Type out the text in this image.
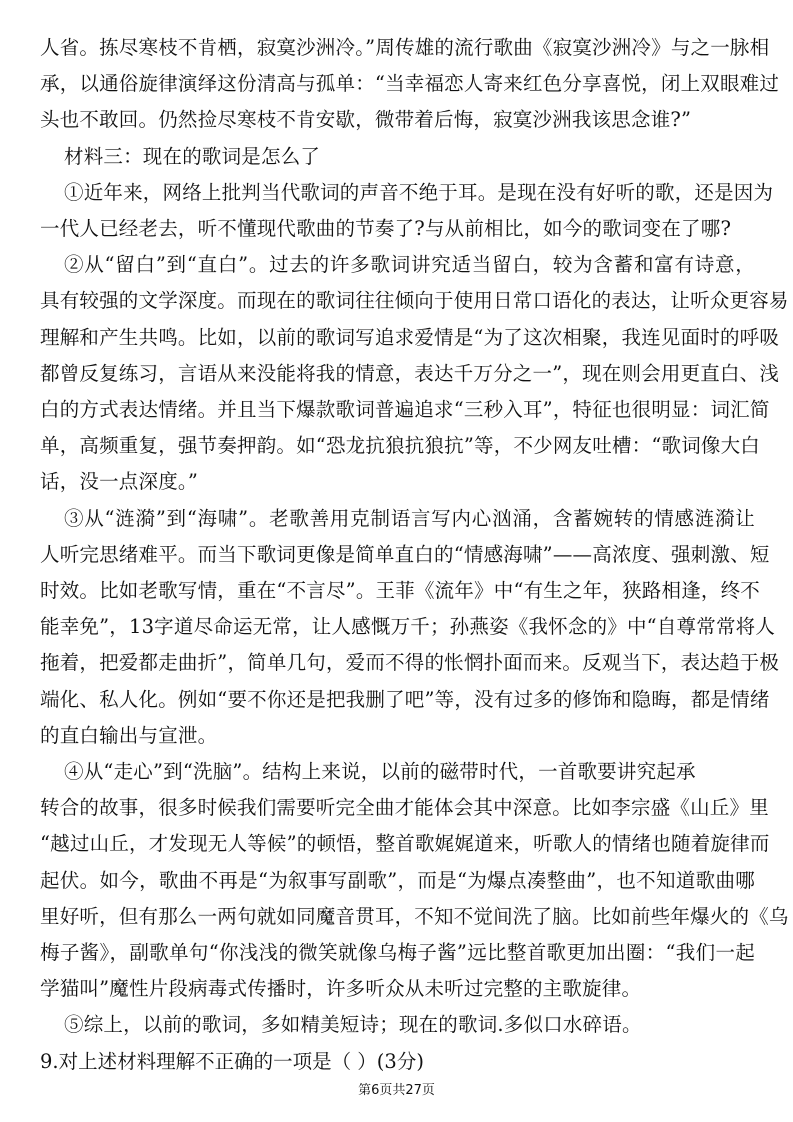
人省。拣尽寒枝不肯栖，寂寞沙洲冷。”周传雄的流行歌曲《寂寞沙洲冷》与之一脉相
承，以通俗旋律演绎这份清高与孤单：“当幸福恋人寄来红色分享喜悦，闭上双眼难过
头也不敢回。仍然捡尽寒枝不肯安歇，微带着后悔，寂寞沙洲我该思念谁?”
材料三：现在的歌词是怎么了
①近年来，网络上批判当代歌词的声音不绝于耳。是现在没有好听的歌，还是因为
一代人已经老去，听不懂现代歌曲的节奏了?与从前相比，如今的歌词变在了哪?
②从“留白”到“直白”。过去的许多歌词讲究适当留白，较为含蓄和富有诗意，
具有较强的文学深度。而现在的歌词往往倾向于使用日常口语化的表达，让听众更容易
理解和产生共鸣。比如，以前的歌词写追求爱情是“为了这次相聚，我连见面时的呼吸
都曾反复练习，言语从来没能将我的情意，表达千万分之一”，现在则会用更直白、浅
白的方式表达情绪。并且当下爆款歌词普遍追求“三秒入耳”，特征也很明显：词汇简
单，高频重复，强节奏押韵。如“恐龙抗狼抗狼抗”等，不少网友吐槽：“歌词像大白
话，没一点深度。”
③从“涟漪”到“海啸”。老歌善用克制语言写内心汹涌，含蓄婉转的情感涟漪让
人听完思绪难平。而当下歌词更像是简单直白的“情感海啸”——高浓度、强刺激、短
时效。比如老歌写情，重在“不言尽”。王菲《流年》中“有生之年，狭路相逢，终不
能幸免”，13字道尽命运无常，让人感慨万千；孙燕姿《我怀念的》中“自尊常常将人
拖着，把爱都走曲折”，简单几句，爱而不得的怅惘扑面而来。反观当下，表达趋于极
端化、私人化。例如“要不你还是把我删了吧”等，没有过多的修饰和隐晦，都是情绪
的直白输出与宣泄。
④从“走心”到“洗脑”。结构上来说，以前的磁带时代，一首歌要讲究起承
转合的故事，很多时候我们需要听完全曲才能体会其中深意。比如李宗盛《山丘》里
“越过山丘，才发现无人等候”的顿悟，整首歌娓娓道来，听歌人的情绪也随着旋律而
起伏。如今，歌曲不再是“为叙事写副歌”，而是“为爆点凑整曲”，也不知道歌曲哪
里好听，但有那么一两句就如同魔音贯耳，不知不觉间洗了脑。比如前些年爆火的《乌
梅子酱》，副歌单句“你浅浅的微笑就像乌梅子酱”远比整首歌更加出圈：“我们一起
学猫叫”魔性片段病毒式传播时，许多听众从未听过完整的主歌旋律。
⑤综上，以前的歌词，多如精美短诗；现在的歌词.多似口水碎语。
9.对上述材料理解不正确的一项是（ ）(3分)
第6页共27页
